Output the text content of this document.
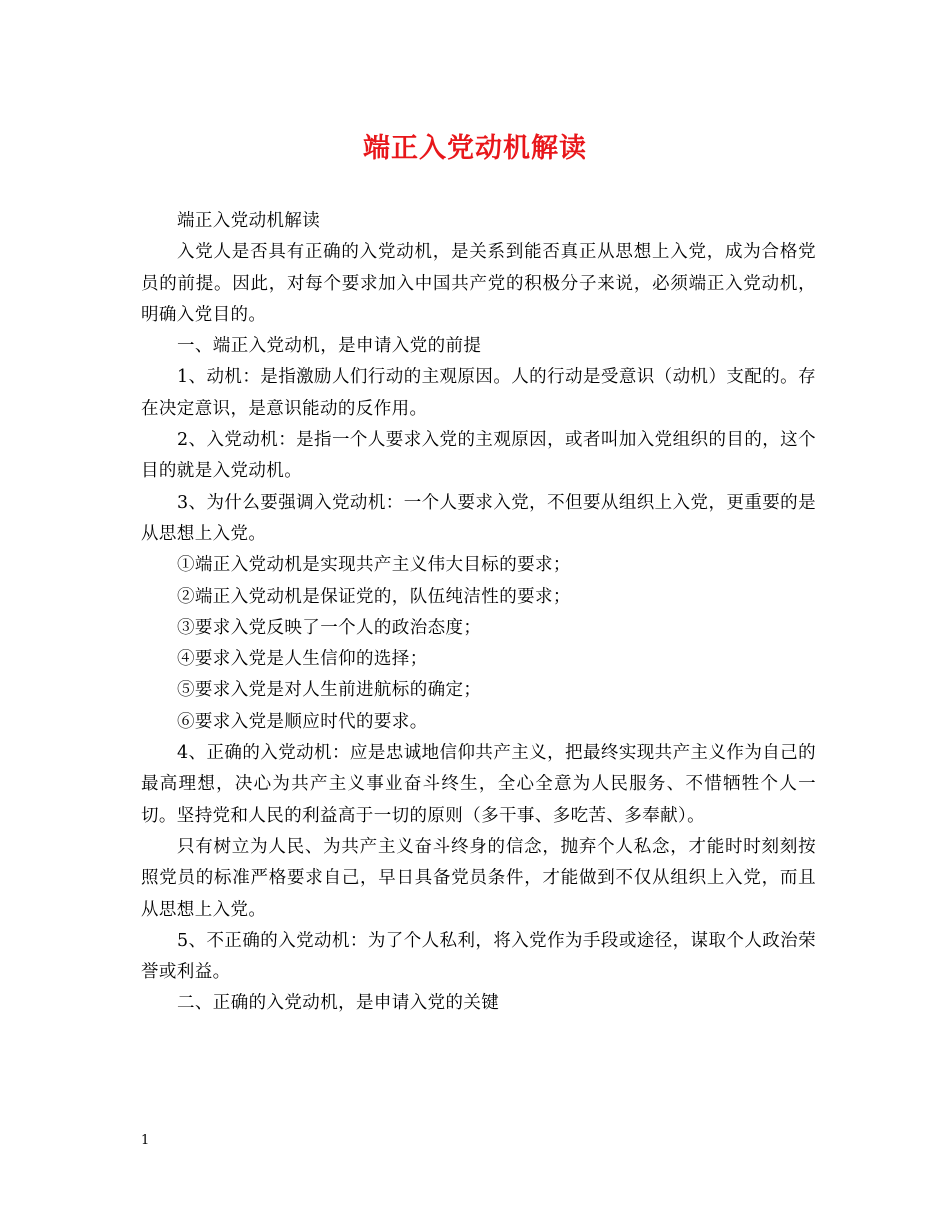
端正入党动机解读

端正入党动机解读

入党人是否具有正确的入党动机，是关系到能否真正从思想上入党，成为合格党员的前提。因此，对每个要求加入中国共产党的积极分子来说，必须端正入党动机，明确入党目的。

一、端正入党动机，是申请入党的前提

1、动机：是指激励人们行动的主观原因。人的行动是受意识（动机）支配的。存在决定意识，是意识能动的反作用。

2、入党动机：是指一个人要求入党的主观原因，或者叫加入党组织的目的，这个目的就是入党动机。

3、为什么要强调入党动机：一个人要求入党，不但要从组织上入党，更重要的是从思想上入党。

①端正入党动机是实现共产主义伟大目标的要求；

②端正入党动机是保证党的，队伍纯洁性的要求；

③要求入党反映了一个人的政治态度；

④要求入党是人生信仰的选择；

⑤要求入党是对人生前进航标的确定；

⑥要求入党是顺应时代的要求。

4、正确的入党动机：应是忠诚地信仰共产主义，把最终实现共产主义作为自己的最高理想，决心为共产主义事业奋斗终生，全心全意为人民服务、不惜牺牲个人一切。坚持党和人民的利益高于一切的原则（多干事、多吃苦、多奉献）。

只有树立为人民、为共产主义奋斗终身的信念，抛弃个人私念，才能时时刻刻按照党员的标准严格要求自己，早日具备党员条件，才能做到不仅从组织上入党，而且从思想上入党。

5、不正确的入党动机：为了个人私利，将入党作为手段或途径，谋取个人政治荣誉或利益。

二、正确的入党动机，是申请入党的关键

1
